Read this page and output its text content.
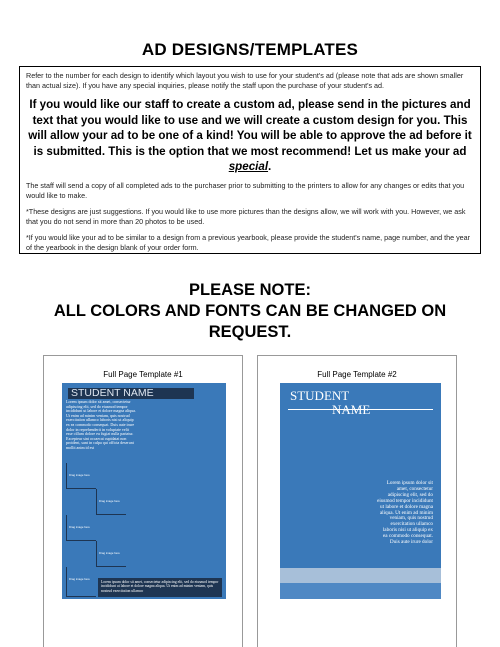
AD DESIGNS/TEMPLATES

Refer to the number for each design to identify which layout you wish to use for your student's ad (please note that ads are shown smaller than actual size). If you have any special inquiries, please notify the staff upon the purchase of your student's ad.

If you would like our staff to create a custom ad, please send in the pictures and text that you would like to use and we will create a custom design for you. This will allow your ad to be one of a kind! You will be able to approve the ad before it is submitted. This is the option that we most recommend! Let us make your ad special.

The staff will send a copy of all completed ads to the purchaser prior to submitting to the printers to allow for any changes or edits that you would like to make.

*These designs are just suggestions. If you would like to use more pictures than the designs allow, we will work with you. However, we ask that you do not send in more than 20 photos to be used.

*If you would like your ad to be similar to a design from a previous yearbook, please provide the student's name, page number, and the year of the yearbook in the design blank of your order form.

PLEASE NOTE:
ALL COLORS AND FONTS CAN BE CHANGED ON
REQUEST.
Full Page Template #1
STUDENT NAME
Lorem ipsum dolor sit amet, consectetur adipiscing elit, sed do eiusmod tempor incididunt ut labore et dolore magna aliqua. Ut enim ad minim veniam, quis nostrud exercitation ullamco laboris nisi ut aliquip ex ea commodo consequat. Duis aute irure dolor in reprehenderit in voluptate velit esse cillum dolore eu fugiat nulla pariatur. Excepteur sint occaecat cupidatat non proident, sunt in culpa qui officia deserunt mollit anim id est
Drag image here
Drag image here
Drag image here
Drag image here
Drag image here
Lorem ipsum dolor sit amet, consectetur adipiscing elit, sed do eiusmod tempor incididunt ut labore et dolore magna aliqua. Ut enim ad minim veniam, quis nostrud exercitation ullamco
Full Page Template #2
STUDENT
NAME
Lorem ipsum dolor sit amet, consectetur adipiscing elit, sed do eiusmod tempor incididunt ut labore et dolore magna aliqua. Ut enim ad minim veniam, quis nostrud exercitation ullamco laboris nisi ut aliquip ex ea commodo consequat. Duis aute irure dolor
